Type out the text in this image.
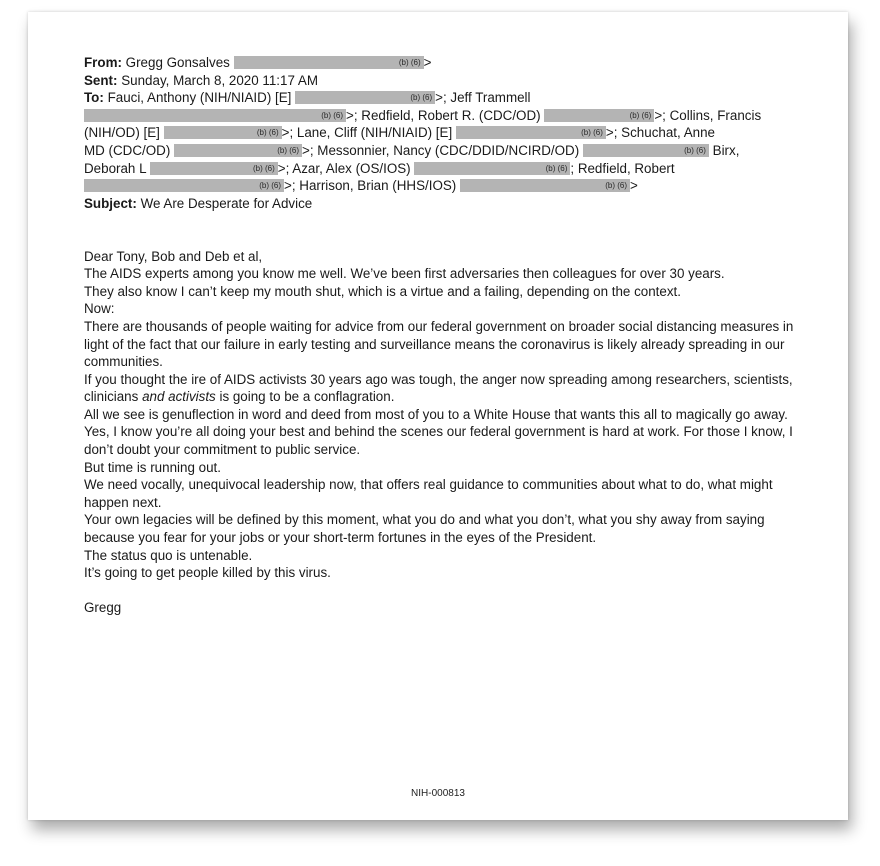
From: Gregg Gonsalves	(b) (6) >
Sent: Sunday, March 8, 2020 11:17 AM
To: Fauci, Anthony (NIH/NIAID) [E]	(b) (6) >; Jeff Trammell
(b) (6) >; Redfield, Robert R. (CDC/OD)	(b) (6) >; Collins, Francis
(NIH/OD) [E]	(b) (6) >; Lane, Cliff (NIH/NIAID) [E]	(b) (6) >; Schuchat, Anne
MD (CDC/OD)	(b) (6) >; Messonnier, Nancy (CDC/DDID/NCIRD/OD)	(b) (6) Birx,
Deborah L	(b) (6) >; Azar, Alex (OS/IOS)	(b) (6) ; Redfield, Robert
(b) (6) >; Harrison, Brian (HHS/IOS)	(b) (6) >
Subject: We Are Desperate for Advice

Dear Tony, Bob and Deb et al,

The AIDS experts among you know me well. We’ve been first adversaries then colleagues for over 30 years.

They also know I can’t keep my mouth shut, which is a virtue and a failing, depending on the context.

Now:

There are thousands of people waiting for advice from our federal government on broader social distancing measures in light of the fact that our failure in early testing and surveillance means the coronavirus is likely already spreading in our communities.

If you thought the ire of AIDS activists 30 years ago was tough, the anger now spreading among researchers, scientists, clinicians and activists is going to be a conflagration.

All we see is genuflection in word and deed from most of you to a White House that wants this all to magically go away.

Yes, I know you’re all doing your best and behind the scenes our federal government is hard at work. For those I know, I don’t doubt your commitment to public service.

But time is running out.

We need vocally, unequivocal leadership now, that offers real guidance to communities about what to do, what might happen next.

Your own legacies will be defined by this moment, what you do and what you don’t, what you shy away from saying because you fear for your jobs or your short-term fortunes in the eyes of the President.

The status quo is untenable.

It’s going to get people killed by this virus.

Gregg

NIH-000813
